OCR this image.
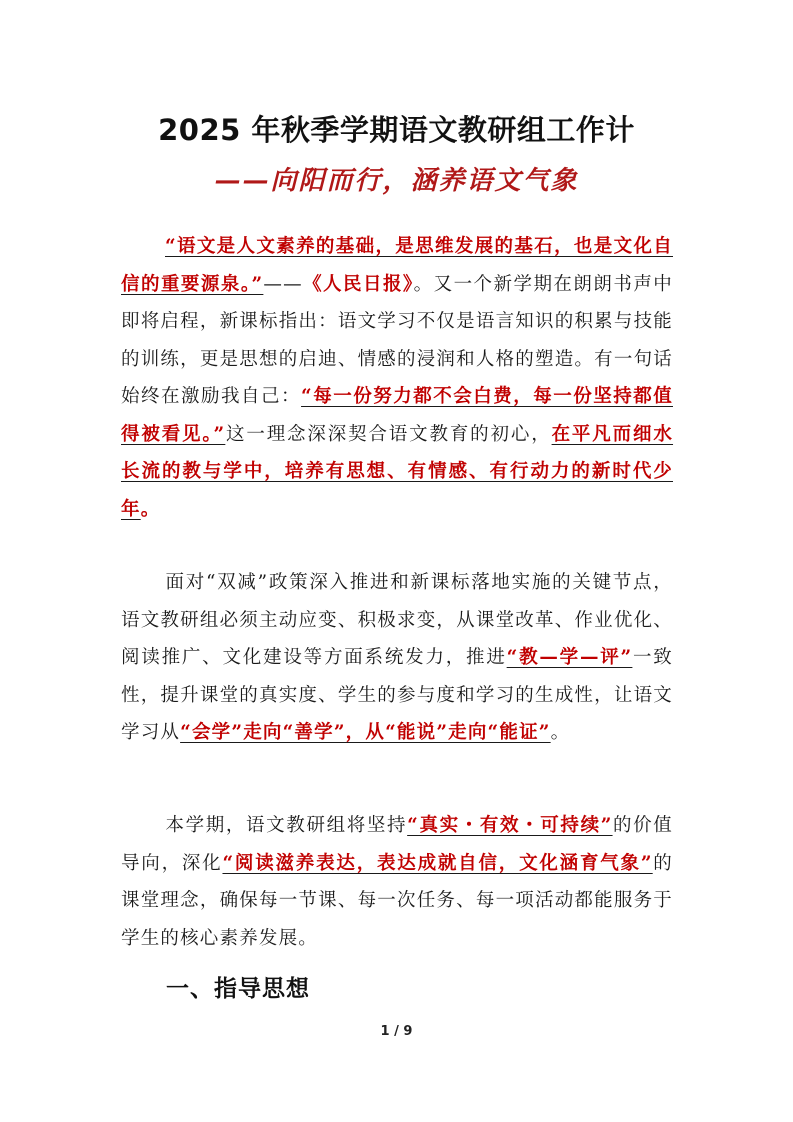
2025 年秋季学期语文教研组工作计
——向阳而行，涵养语文气象

“语文是人文素养的基础，是思维发展的基石，也是文化自信的重要源泉。”——《人民日报》。又一个新学期在朗朗书声中即将启程，新课标指出：语文学习不仅是语言知识的积累与技能的训练，更是思想的启迪、情感的浸润和人格的塑造。有一句话始终在激励我自己：“每一份努力都不会白费，每一份坚持都值得被看见。”这一理念深深契合语文教育的初心，在平凡而细水长流的教与学中，培养有思想、有情感、有行动力的新时代少年。

面对“双减”政策深入推进和新课标落地实施的关键节点，语文教研组必须主动应变、积极求变，从课堂改革、作业优化、阅读推广、文化建设等方面系统发力，推进“教—学—评”一致性，提升课堂的真实度、学生的参与度和学习的生成性，让语文学习从“会学”走向“善学”，从“能说”走向“能证”。

本学期，语文教研组将坚持“真实・有效・可持续”的价值导向，深化“阅读滋养表达，表达成就自信，文化涵育气象”的课堂理念，确保每一节课、每一次任务、每一项活动都能服务于学生的核心素养发展。

一、指导思想
1 / 9
